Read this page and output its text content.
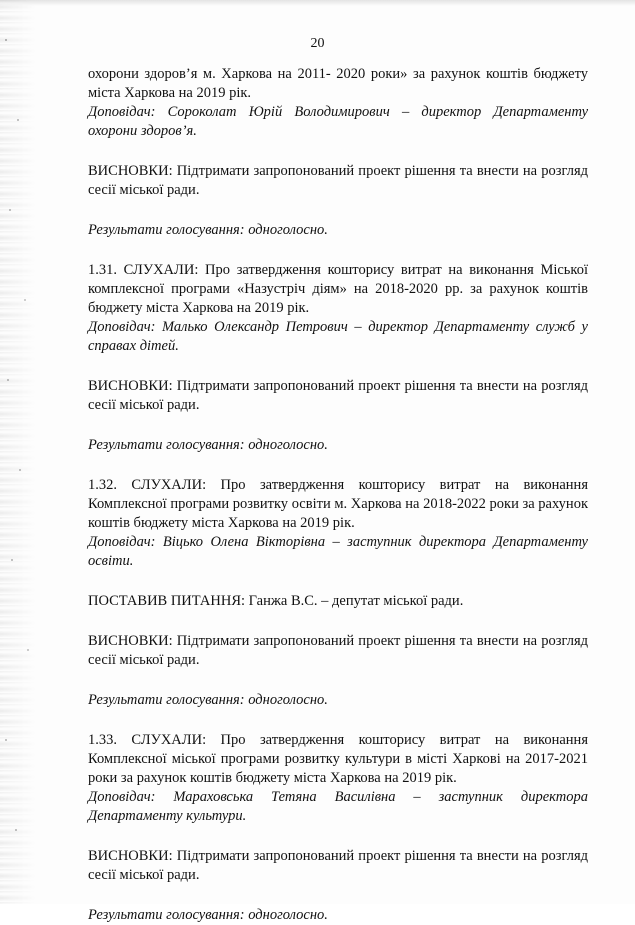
20

охорони здоров’я м. Харкова на 2011- 2020 роки» за рахунок коштів бюджету міста Харкова на 2019 рік.

Доповідач: Сороколат Юрій Володимирович – директор Департаменту охорони здоров’я.

ВИСНОВКИ: Підтримати запропонований проект рішення та внести на розгляд сесії міської ради.

Результати голосування: одноголосно.

1.31. СЛУХАЛИ: Про затвердження кошторису витрат на виконання Міської комплексної програми «Назустріч діям» на 2018-2020 рр. за рахунок коштів бюджету міста Харкова на 2019 рік.

Доповідач: Малько Олександр Петрович – директор Департаменту служб у справах дітей.

ВИСНОВКИ: Підтримати запропонований проект рішення та внести на розгляд сесії міської ради.

Результати голосування: одноголосно.

1.32. СЛУХАЛИ: Про затвердження кошторису витрат на виконання Комплексної програми розвитку освіти м. Харкова на 2018-2022 роки за рахунок коштів бюджету міста Харкова на 2019 рік.

Доповідач: Віцько Олена Вікторівна – заступник директора Департаменту освіти.

ПОСТАВИВ ПИТАННЯ: Ганжа В.С. – депутат міської ради.

ВИСНОВКИ: Підтримати запропонований проект рішення та внести на розгляд сесії міської ради.

Результати голосування: одноголосно.

1.33. СЛУХАЛИ: Про затвердження кошторису витрат на виконання Комплексної міської програми розвитку культури в місті Харкові на 2017-2021 роки за рахунок коштів бюджету міста Харкова на 2019 рік.

Доповідач: Мараховська Тетяна Василівна – заступник директора Департаменту культури.

ВИСНОВКИ: Підтримати запропонований проект рішення та внести на розгляд сесії міської ради.

Результати голосування: одноголосно.
